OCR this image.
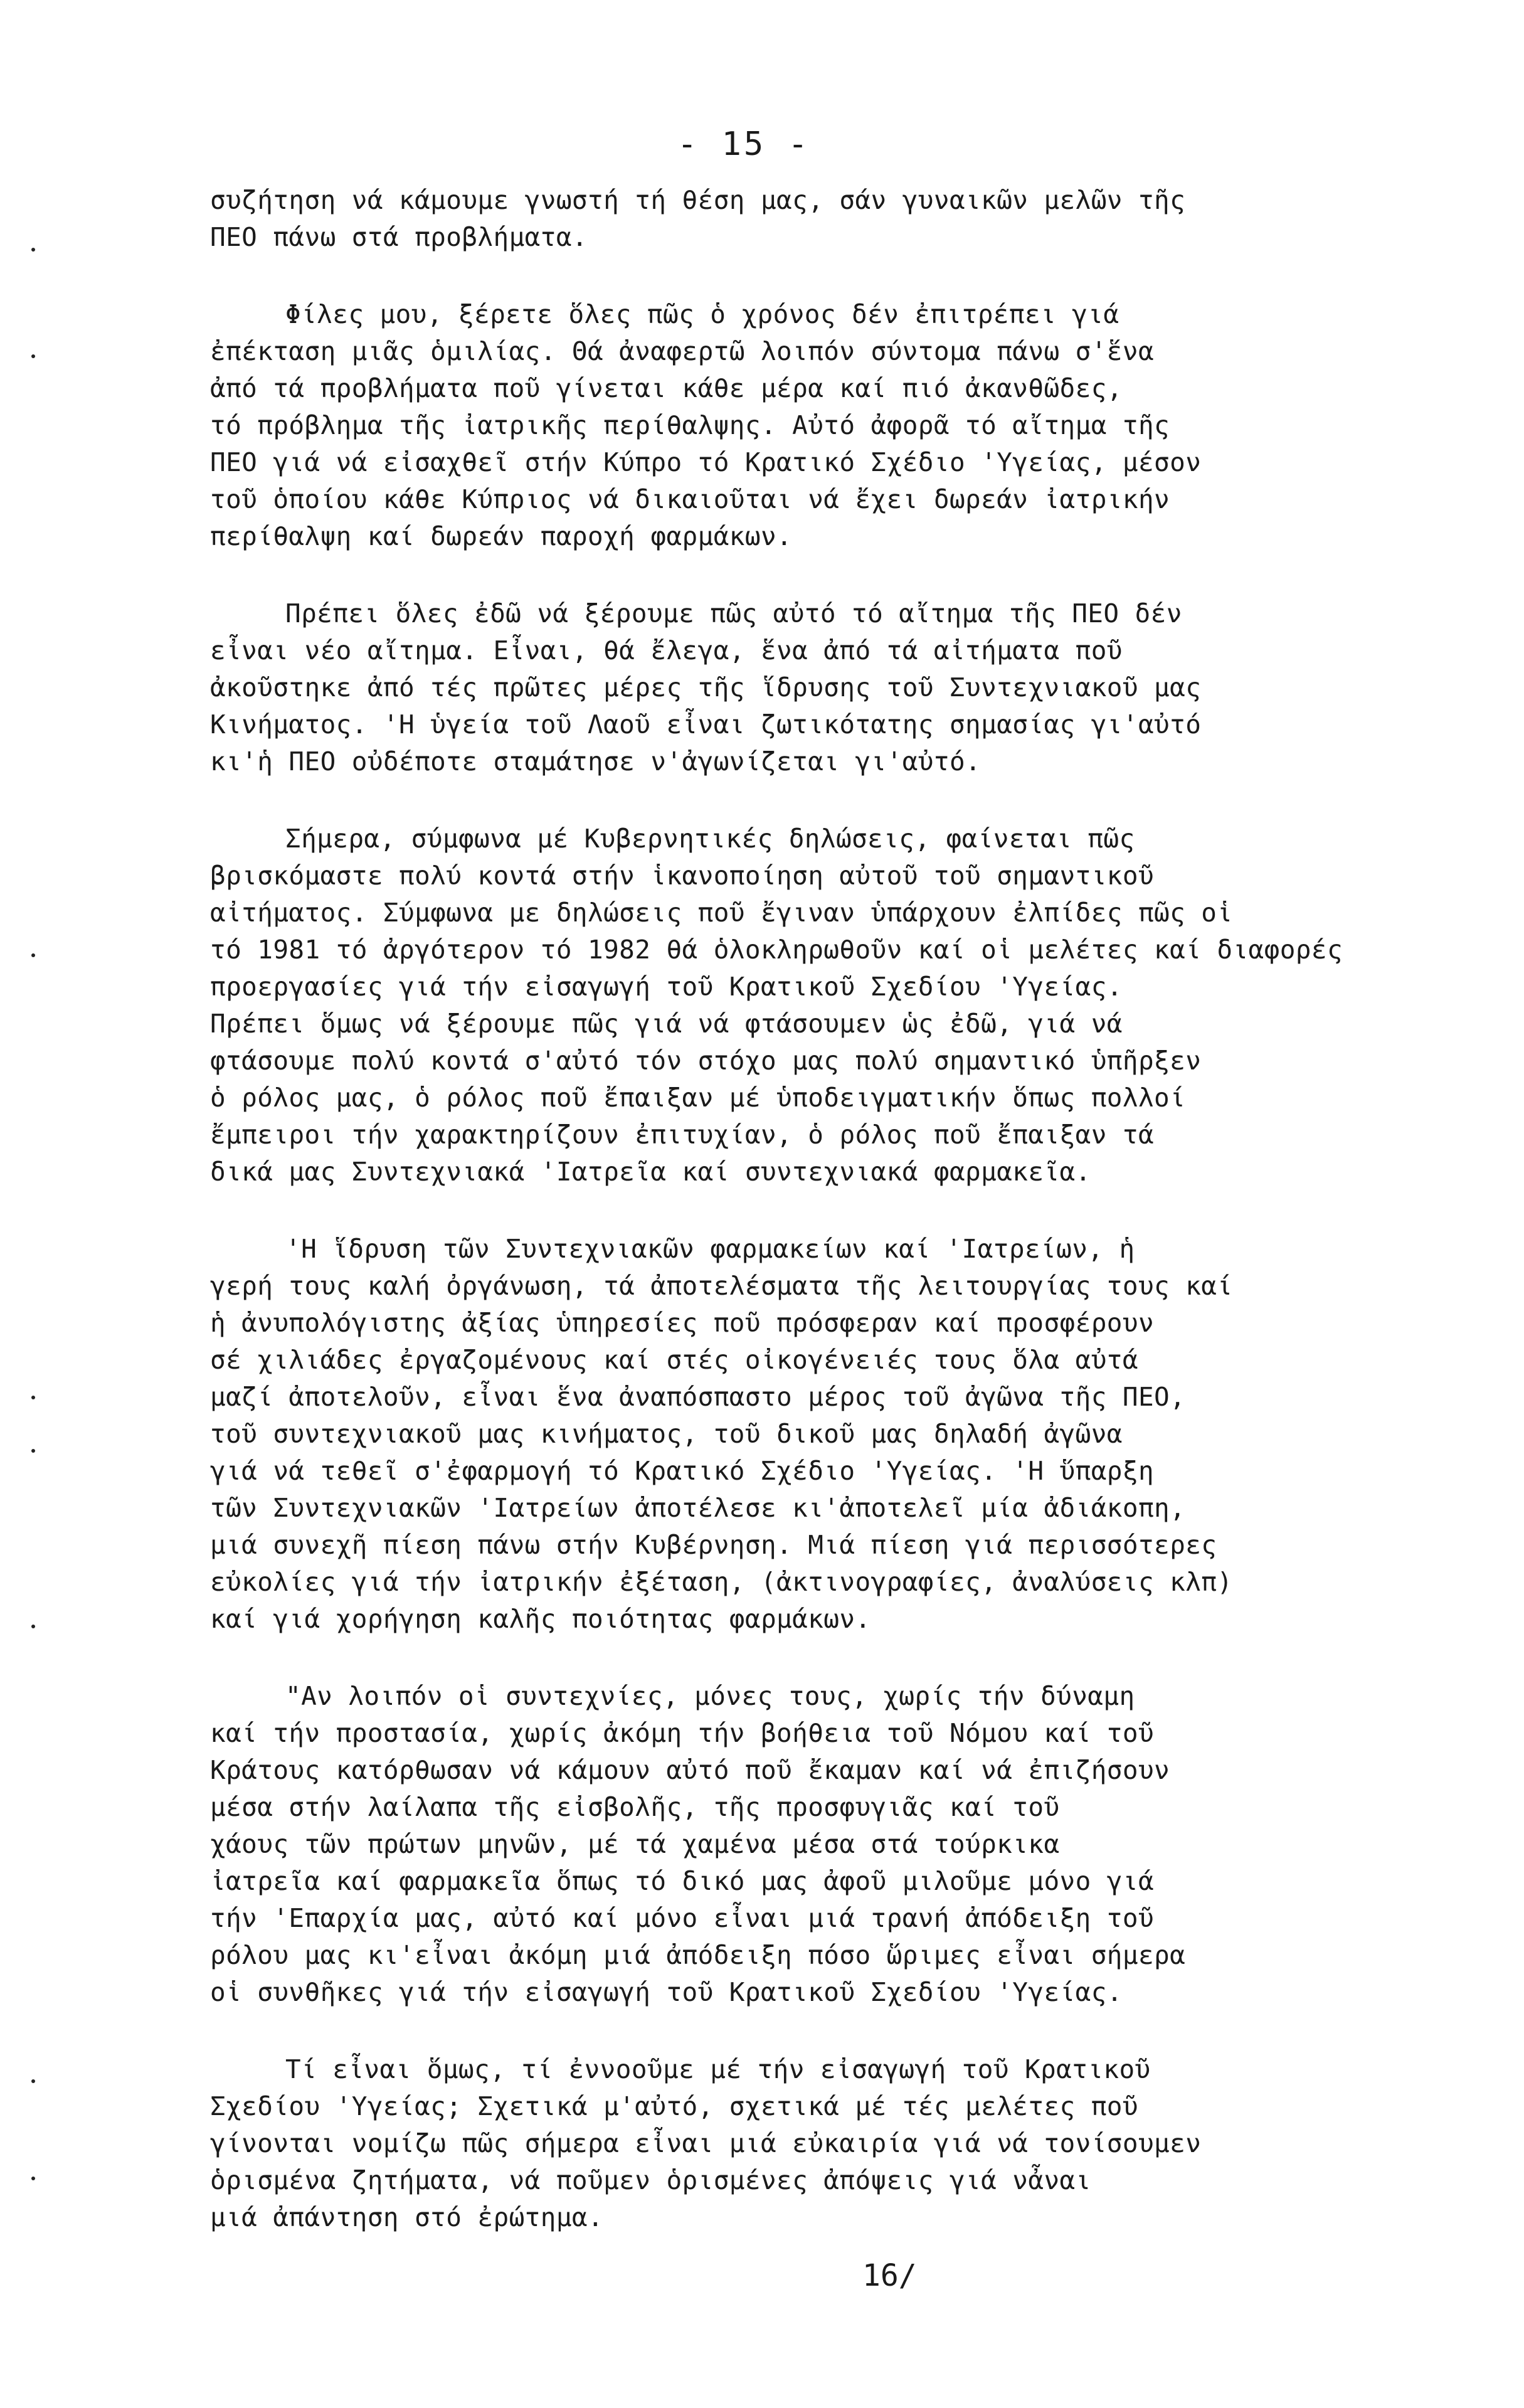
- 15 -
συζήτηση νά κάμουμε γνωστή τή θέση μας, σάν γυναικῶν μελῶν τῆς
ΠΕΟ πάνω στά προβλήματα.
Φίλες μου, ξέρετε ὅλες πῶς ὁ χρόνος δέν ἐπιτρέπει γιά
ἐπέκταση μιᾶς ὁμιλίας. Θά ἀναφερτῶ λοιπόν σύντομα πάνω σ'ἕνα
ἀπό τά προβλήματα ποῦ γίνεται κάθε μέρα καί πιό ἀκανθῶδες,
τό πρόβλημα τῆς ἰατρικῆς περίθαλψης. Αὐτό ἀφορᾶ τό αἴτημα τῆς
ΠΕΟ γιά νά εἰσαχθεῖ στήν Κύπρο τό Κρατικό Σχέδιο 'Υγείας, μέσον
τοῦ ὁποίου κάθε Κύπριος νά δικαιοῦται νά ἔχει δωρεάν ἰατρικήν
περίθαλψη καί δωρεάν παροχή φαρμάκων.
Πρέπει ὅλες ἐδῶ νά ξέρουμε πῶς αὐτό τό αἴτημα τῆς ΠΕΟ δέν
εἶναι νέο αἴτημα. Εἶναι, θά ἔλεγα, ἕνα ἀπό τά αἰτήματα ποῦ
ἀκοῦστηκε ἀπό τές πρῶτες μέρες τῆς ἵδρυσης τοῦ Συντεχνιακοῦ μας
Κινήματος. 'Η ὑγεία τοῦ Λαοῦ εἶναι ζωτικότατης σημασίας γι'αὐτό
κι'ἡ ΠΕΟ οὐδέποτε σταμάτησε ν'ἀγωνίζεται γι'αὐτό.
Σήμερα, σύμφωνα μέ Κυβερνητικές δηλώσεις, φαίνεται πῶς
βρισκόμαστε πολύ κοντά στήν ἱκανοποίηση αὐτοῦ τοῦ σημαντικοῦ
αἰτήματος. Σύμφωνα με δηλώσεις ποῦ ἔγιναν ὑπάρχουν ἐλπίδες πῶς οἱ
τό 1981 τό ἀργότερον τό 1982 θά ὁλοκληρωθοῦν καί οἱ μελέτες καί διαφορές
προεργασίες γιά τήν εἰσαγωγή τοῦ Κρατικοῦ Σχεδίου 'Υγείας.
Πρέπει ὅμως νά ξέρουμε πῶς γιά νά φτάσουμεν ὡς ἐδῶ, γιά νά
φτάσουμε πολύ κοντά σ'αὐτό τόν στόχο μας πολύ σημαντικό ὑπῆρξεν
ὁ ρόλος μας, ὁ ρόλος ποῦ ἔπαιξαν μέ ὑποδειγματικήν ὅπως πολλοί
ἔμπειροι τήν χαρακτηρίζουν ἐπιτυχίαν, ὁ ρόλος ποῦ ἔπαιξαν τά
δικά μας Συντεχνιακά 'Ιατρεῖα καί συντεχνιακά φαρμακεῖα.
'Η ἵδρυση τῶν Συντεχνιακῶν φαρμακείων καί 'Ιατρείων, ἡ
γερή τους καλή ὀργάνωση, τά ἀποτελέσματα τῆς λειτουργίας τους καί
ἡ ἀνυπολόγιστης ἀξίας ὑπηρεσίες ποῦ πρόσφεραν καί προσφέρουν
σέ χιλιάδες ἐργαζομένους καί στές οἰκογένειές τους ὅλα αὐτά
μαζί ἀποτελοῦν, εἶναι ἕνα ἀναπόσπαστο μέρος τοῦ ἀγῶνα τῆς ΠΕΟ,
τοῦ συντεχνιακοῦ μας κινήματος, τοῦ δικοῦ μας δηλαδή ἀγῶνα
γιά νά τεθεῖ σ'ἐφαρμογή τό Κρατικό Σχέδιο 'Υγείας. 'Η ὕπαρξη
τῶν Συντεχνιακῶν 'Ιατρείων ἀποτέλεσε κι'ἀποτελεῖ μία ἀδιάκοπη,
μιά συνεχῆ πίεση πάνω στήν Κυβέρνηση. Μιά πίεση γιά περισσότερες
εὐκολίες γιά τήν ἰατρικήν ἐξέταση, (ἀκτινογραφίες, ἀναλύσεις κλπ)
καί γιά χορήγηση καλῆς ποιότητας φαρμάκων.
"Αν λοιπόν οἱ συντεχνίες, μόνες τους, χωρίς τήν δύναμη
καί τήν προστασία, χωρίς ἀκόμη τήν βοήθεια τοῦ Νόμου καί τοῦ
Κράτους κατόρθωσαν νά κάμουν αὐτό ποῦ ἔκαμαν καί νά ἐπιζήσουν
μέσα στήν λαίλαπα τῆς εἰσβολῆς, τῆς προσφυγιᾶς καί τοῦ
χάους τῶν πρώτων μηνῶν, μέ τά χαμένα μέσα στά τούρκικα
ἰατρεῖα καί φαρμακεῖα ὅπως τό δικό μας ἀφοῦ μιλοῦμε μόνο γιά
τήν 'Επαρχία μας, αὐτό καί μόνο εἶναι μιά τρανή ἀπόδειξη τοῦ
ρόλου μας κι'εἶναι ἀκόμη μιά ἀπόδειξη πόσο ὥριμες εἶναι σήμερα
οἱ συνθῆκες γιά τήν εἰσαγωγή τοῦ Κρατικοῦ Σχεδίου 'Υγείας.
Τί εἶναι ὅμως, τί ἐννοοῦμε μέ τήν εἰσαγωγή τοῦ Κρατικοῦ
Σχεδίου 'Υγείας; Σχετικά μ'αὐτό, σχετικά μέ τές μελέτες ποῦ
γίνονται νομίζω πῶς σήμερα εἶναι μιά εὐκαιρία γιά νά τονίσουμεν
ὁρισμένα ζητήματα, νά ποῦμεν ὁρισμένες ἀπόψεις γιά νἆναι
μιά ἀπάντηση στό ἐρώτημα.
16/
